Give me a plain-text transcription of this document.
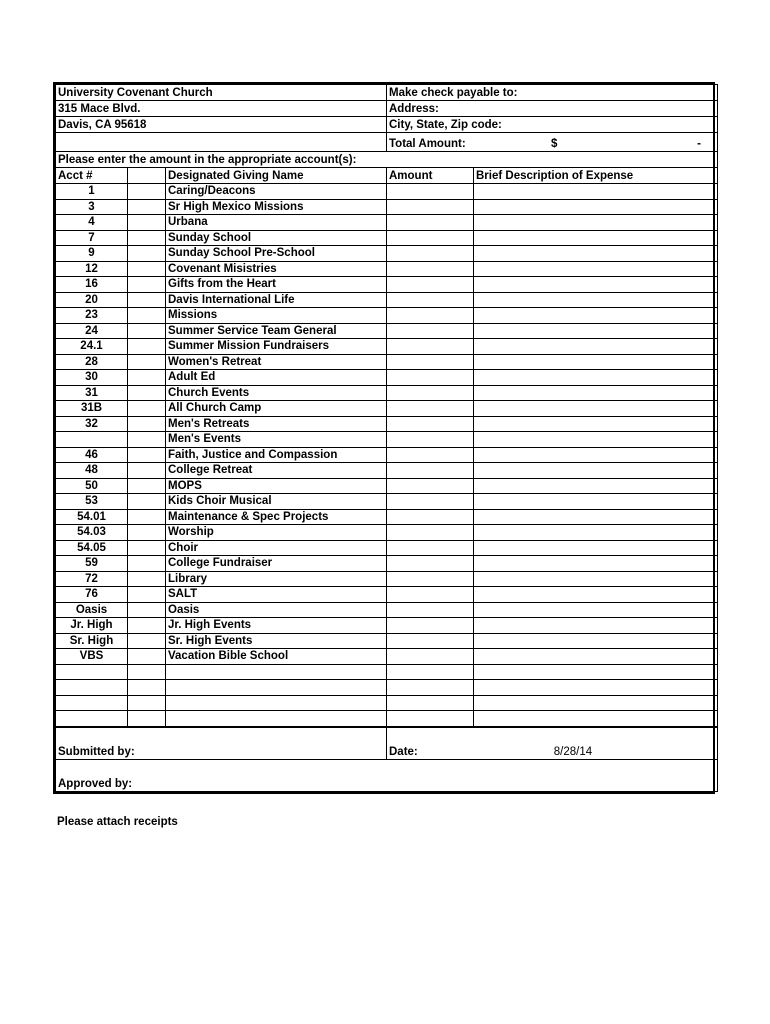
University Covenant Church			Make check payable to:	
315 Mace Blvd.			Address:	
Davis, CA 95618			City, State, Zip code:	

			Total Amount: $ -	

Please enter the amount in the appropriate account(s):				
Acct #		Designated Giving Name	Amount	Brief Description of Expense
1		Caring/Deacons		
3		Sr High Mexico Missions		
4		Urbana		
7		Sunday School		
9		Sunday School Pre-School		
12		Covenant Misistries		
16		Gifts from the Heart		
20		Davis International Life		
23		Missions		
24		Summer Service Team General		
24.1		Summer Mission Fundraisers		
28		Women's Retreat		
30		Adult Ed		
31		Church Events		
31B		All Church Camp		
32		Men's Retreats		
		Men's Events		
46		Faith, Justice and Compassion		
48		College Retreat		
50		MOPS		
53		Kids Choir Musical		
54.01		Maintenance & Spec Projects		
54.03		Worship		
54.05		Choir		
59		College Fundraiser		
72		Library		
76		SALT		
Oasis		Oasis		
Jr. High		Jr. High Events		
Sr. High		Sr. High Events		
VBS		Vacation Bible School		

Submitted by:			Date: 8/28/14	

Approved by:				
Please attach receipts
